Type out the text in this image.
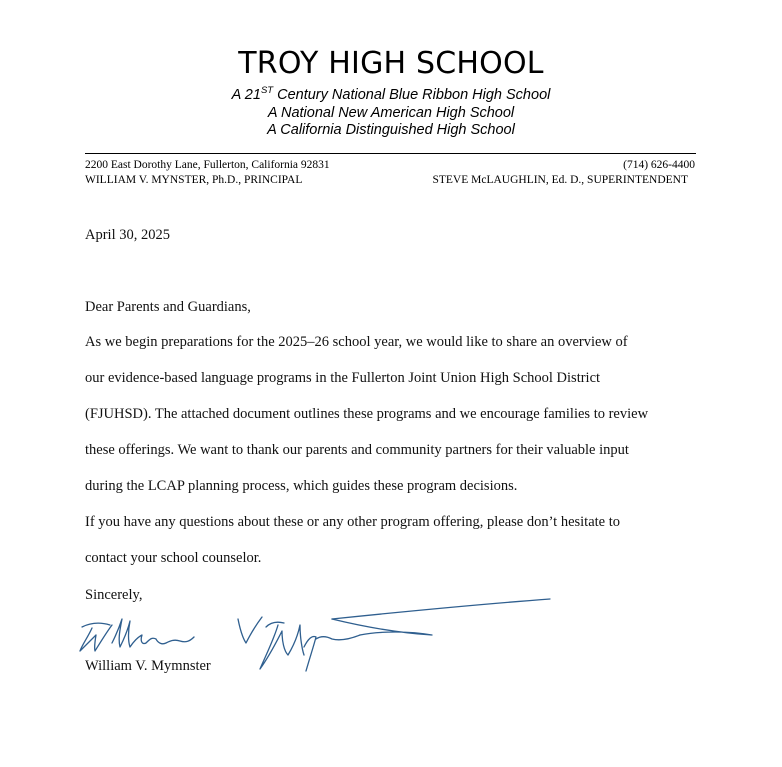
TROY HIGH SCHOOL
A 21ST Century National Blue Ribbon High School
A National New American High School
A California Distinguished High School
2200 East Dorothy Lane, Fullerton, California 92831	(714) 626-4400
WILLIAM V. MYNSTER, Ph.D., PRINCIPAL	STEVE McLAUGHLIN, Ed. D., SUPERINTENDENT
April 30, 2025
Dear Parents and Guardians,
As we begin preparations for the 2025–26 school year, we would like to share an overview of
our evidence-based language programs in the Fullerton Joint Union High School District
(FJUHSD). The attached document outlines these programs and we encourage families to review
these offerings. We want to thank our parents and community partners for their valuable input
during the LCAP planning process, which guides these program decisions.
If you have any questions about these or any other program offering, please don’t hesitate to
contact your school counselor.
Sincerely,
William V. Mymnster
